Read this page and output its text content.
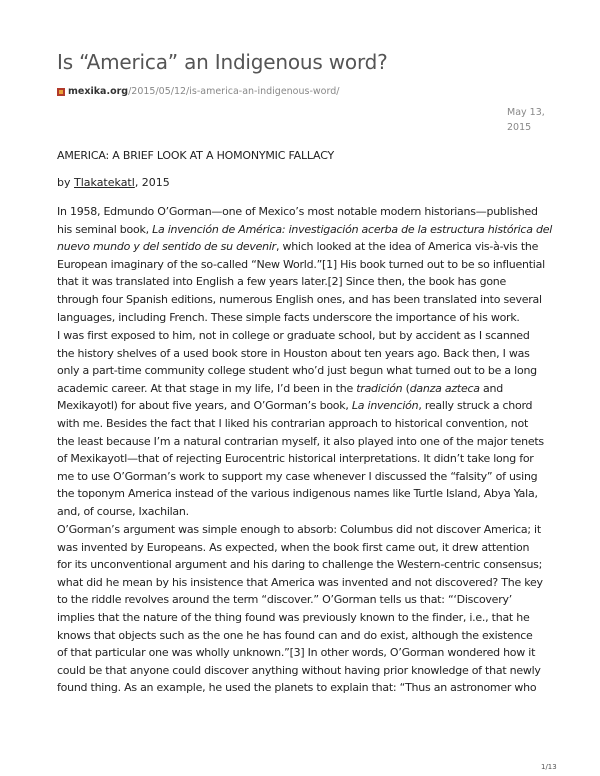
Is “America” an Indigenous word?
mexika.org /2015/05/12/is-america-an-indigenous-word/
May 13, 2015
AMERICA: A BRIEF LOOK AT A HOMONYMIC FALLACY
by Tlakatekatl, 2015
In 1958, Edmundo O’Gorman—one of Mexico’s most notable modern historians—published
his seminal book, La invención de América: investigación acerba de la estructura histórica del
nuevo mundo y del sentido de su devenir, which looked at the idea of America vis-à-vis the
European imaginary of the so-called “New World.”[1] His book turned out to be so influential
that it was translated into English a few years later.[2] Since then, the book has gone
through four Spanish editions, numerous English ones, and has been translated into several
languages, including French. These simple facts underscore the importance of his work.
I was first exposed to him, not in college or graduate school, but by accident as I scanned
the history shelves of a used book store in Houston about ten years ago. Back then, I was
only a part-time community college student who’d just begun what turned out to be a long
academic career. At that stage in my life, I’d been in the tradición (danza azteca and
Mexikayotl) for about five years, and O’Gorman’s book, La invención, really struck a chord
with me. Besides the fact that I liked his contrarian approach to historical convention, not
the least because I’m a natural contrarian myself, it also played into one of the major tenets
of Mexikayotl—that of rejecting Eurocentric historical interpretations. It didn’t take long for
me to use O’Gorman’s work to support my case whenever I discussed the “falsity” of using
the toponym America instead of the various indigenous names like Turtle Island, Abya Yala,
and, of course, Ixachilan.
O’Gorman’s argument was simple enough to absorb: Columbus did not discover America; it
was invented by Europeans. As expected, when the book first came out, it drew attention
for its unconventional argument and his daring to challenge the Western-centric consensus;
what did he mean by his insistence that America was invented and not discovered? The key
to the riddle revolves around the term “discover.” O’Gorman tells us that: “‘Discovery’
implies that the nature of the thing found was previously known to the finder, i.e., that he
knows that objects such as the one he has found can and do exist, although the existence
of that particular one was wholly unknown.”[3] In other words, O’Gorman wondered how it
could be that anyone could discover anything without having prior knowledge of that newly
found thing. As an example, he used the planets to explain that: “Thus an astronomer who
1/13
